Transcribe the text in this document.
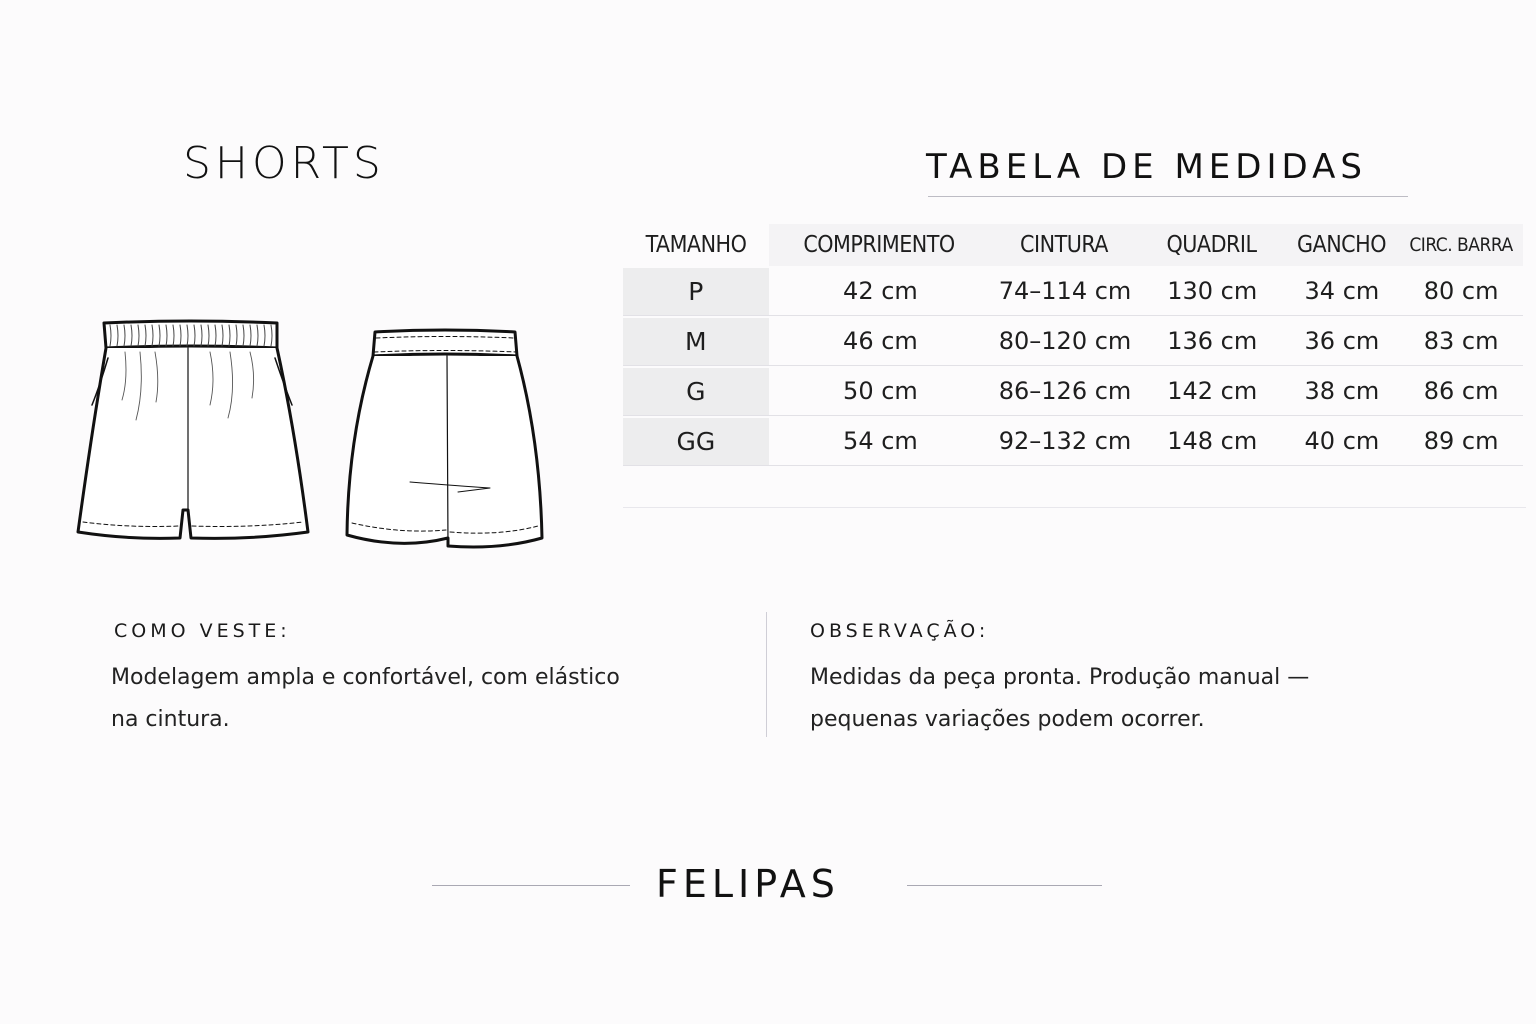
SHORTS	TABELA DE MEDIDAS
TAMANHO	COMPRIMENTO	CINTURA	QUADRIL	GANCHO	CIRC. BARRA
P	42 cm	74–114 cm	130 cm	34 cm	80 cm
M	46 cm	80–120 cm	136 cm	36 cm	83 cm
G	50 cm	86–126 cm	142 cm	38 cm	86 cm
GG	54 cm	92–132 cm	148 cm	40 cm	89 cm
COMO VESTE:
Modelagem ampla e confortável, com elástico
na cintura.
OBSERVAÇÃO:
Medidas da peça pronta. Produção manual —
pequenas variações podem ocorrer.
FELIPAS
